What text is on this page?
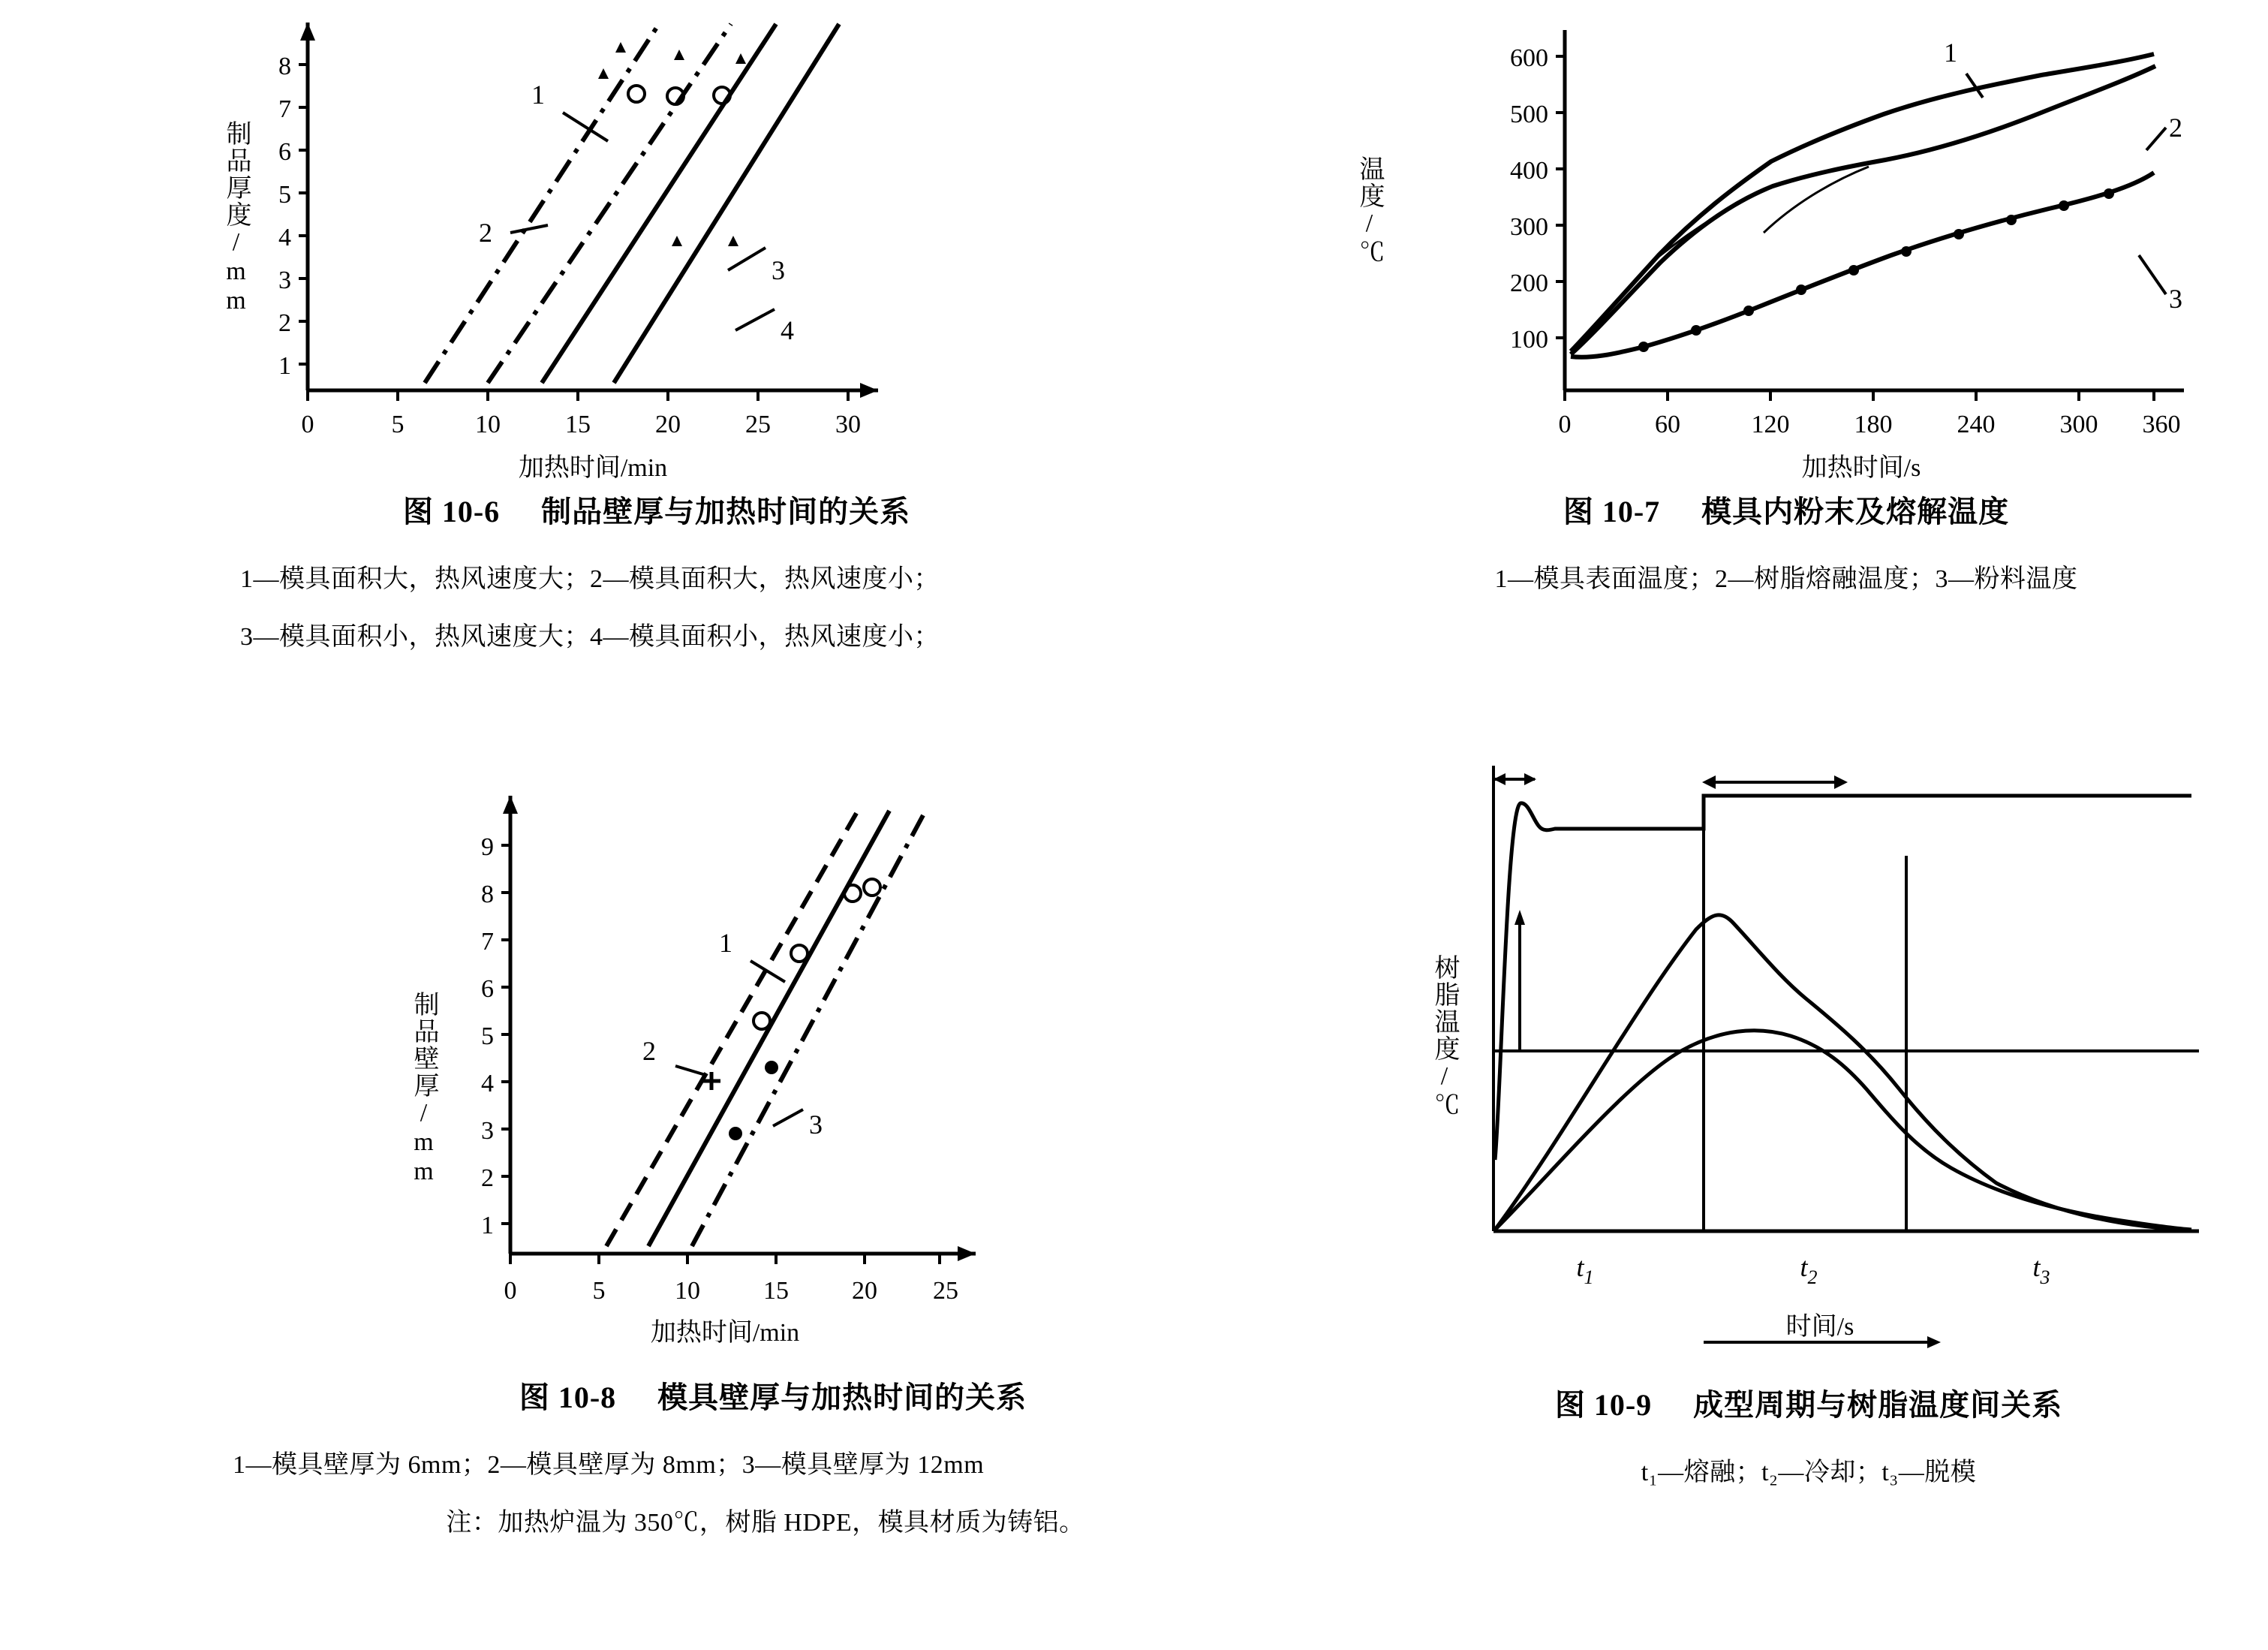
制品厚度/mm
1
2
3
4
5
6
7
8
0	5	10	15	20	25	30
1
2
3
4
加热时间/min
图 10-6 制品壁厚与加热时间的关系
1—模具面积大，热风速度大；2—模具面积大，热风速度小；
3—模具面积小，热风速度大；4—模具面积小，热风速度小；
温度/℃
100
200
300
400
500
600
0	60	120	180	240	300 360
1
2
3
加热时间/s
图 10-7 模具内粉末及熔解温度
1—模具表面温度；2—树脂熔融温度；3—粉料温度
制品壁厚/mm
1
2
3
4
5
6
7
8
9
0	5	10 15 20 25
1
2
3
加热时间/min
图 10-8 模具壁厚与加热时间的关系
1—模具壁厚为 6mm；2—模具壁厚为 8mm；3—模具壁厚为 12mm
注：加热炉温为 350℃，树脂 HDPE，模具材质为铸铝。
树脂温度/℃
$t_1$	$t_2$	$t_3$
时间/s
图 10-9 成型周期与树脂温度间关系
t₁—熔融；t₂—冷却；t₃—脱模
